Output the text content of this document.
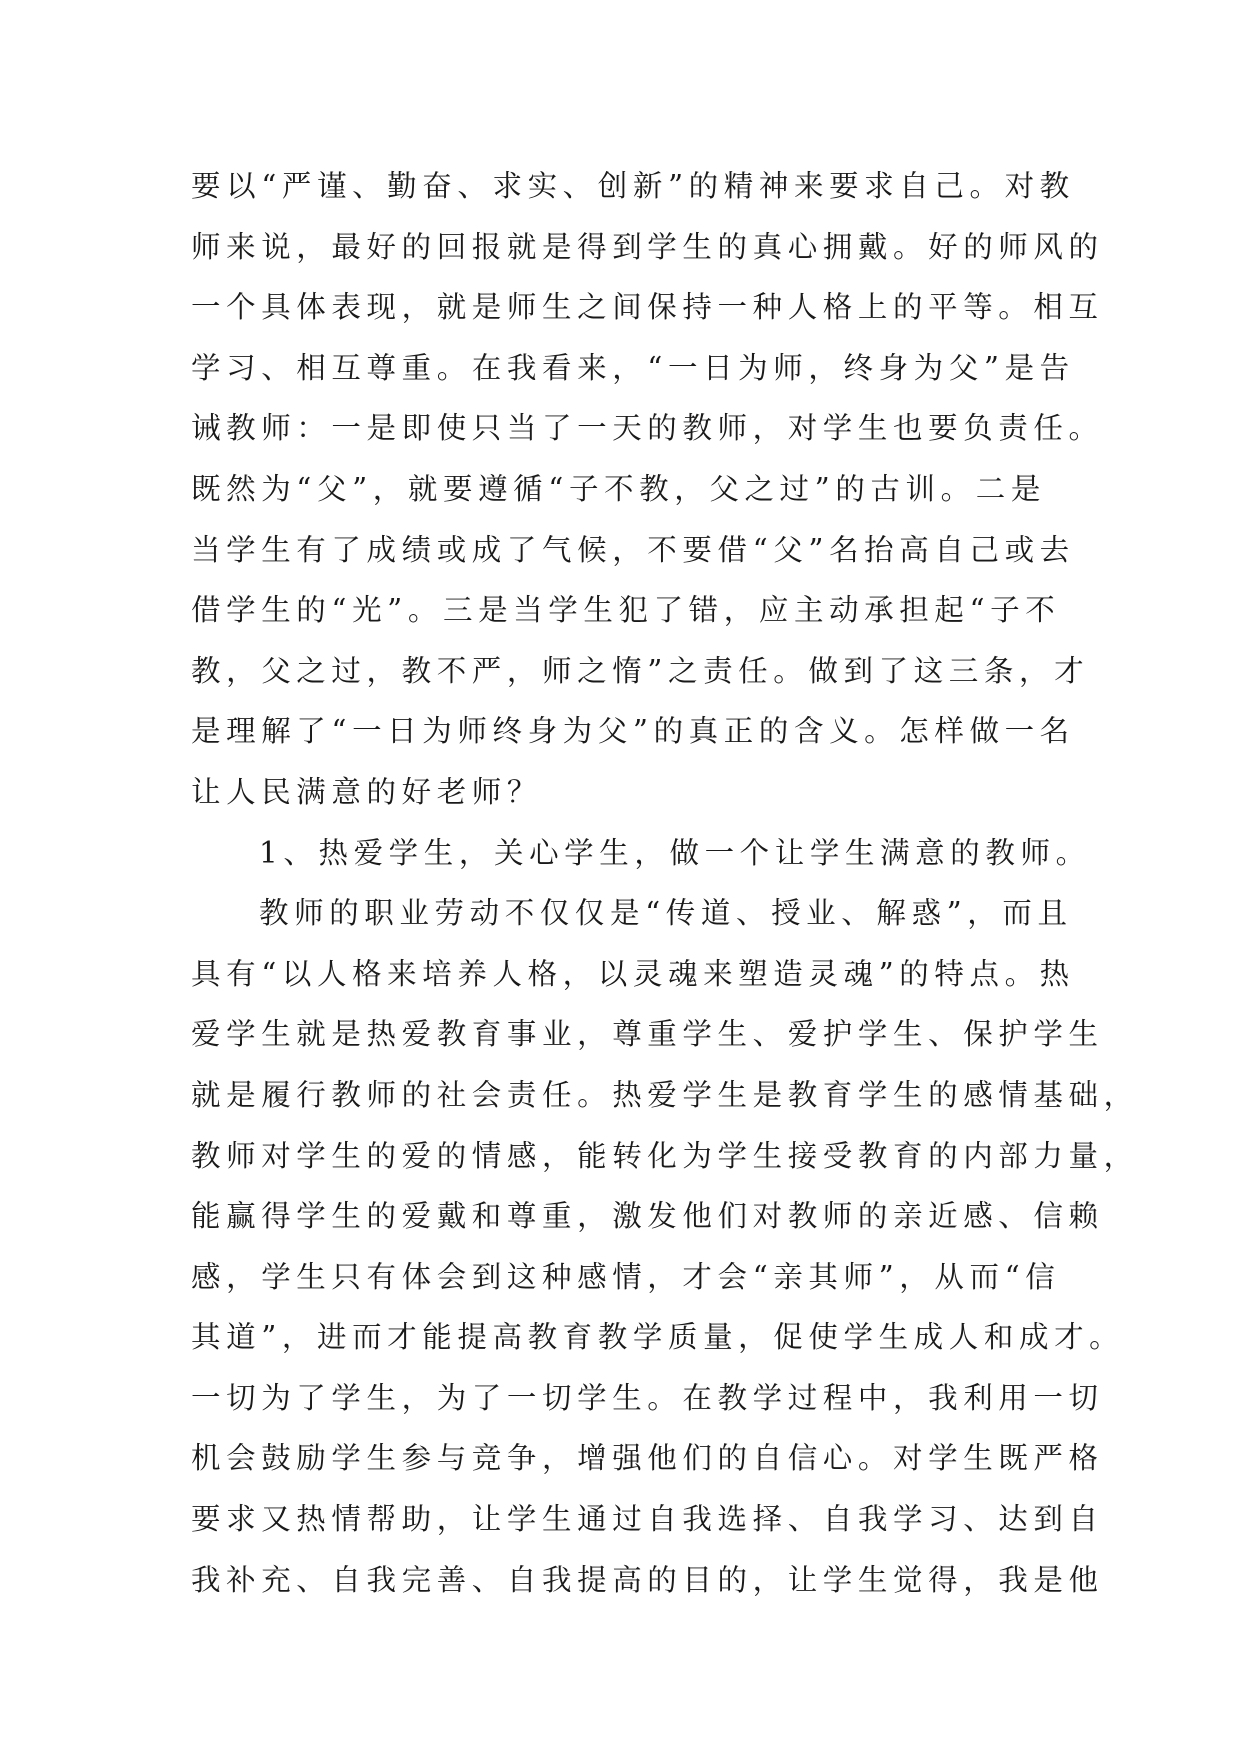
要以“严谨、勤奋、求实、创新”的精神来要求自己。对教
师来说，最好的回报就是得到学生的真心拥戴。好的师风的
一个具体表现，就是师生之间保持一种人格上的平等。相互
学习、相互尊重。在我看来，“一日为师，终身为父”是告
诫教师：一是即使只当了一天的教师，对学生也要负责任。
既然为“父”，就要遵循“子不教，父之过”的古训。二是
当学生有了成绩或成了气候，不要借“父”名抬高自己或去
借学生的“光”。三是当学生犯了错，应主动承担起“子不
教，父之过，教不严，师之惰”之责任。做到了这三条，才
是理解了“一日为师终身为父”的真正的含义。怎样做一名
让人民满意的好老师？
1、热爱学生，关心学生，做一个让学生满意的教师。
教师的职业劳动不仅仅是“传道、授业、解惑”，而且
具有“以人格来培养人格，以灵魂来塑造灵魂”的特点。热
爱学生就是热爱教育事业，尊重学生、爱护学生、保护学生
就是履行教师的社会责任。热爱学生是教育学生的感情基础，
教师对学生的爱的情感，能转化为学生接受教育的内部力量，
能赢得学生的爱戴和尊重，激发他们对教师的亲近感、信赖
感，学生只有体会到这种感情，才会“亲其师”，从而“信
其道”，进而才能提高教育教学质量，促使学生成人和成才。
一切为了学生，为了一切学生。在教学过程中，我利用一切
机会鼓励学生参与竞争，增强他们的自信心。对学生既严格
要求又热情帮助，让学生通过自我选择、自我学习、达到自
我补充、自我完善、自我提高的目的，让学生觉得，我是他
